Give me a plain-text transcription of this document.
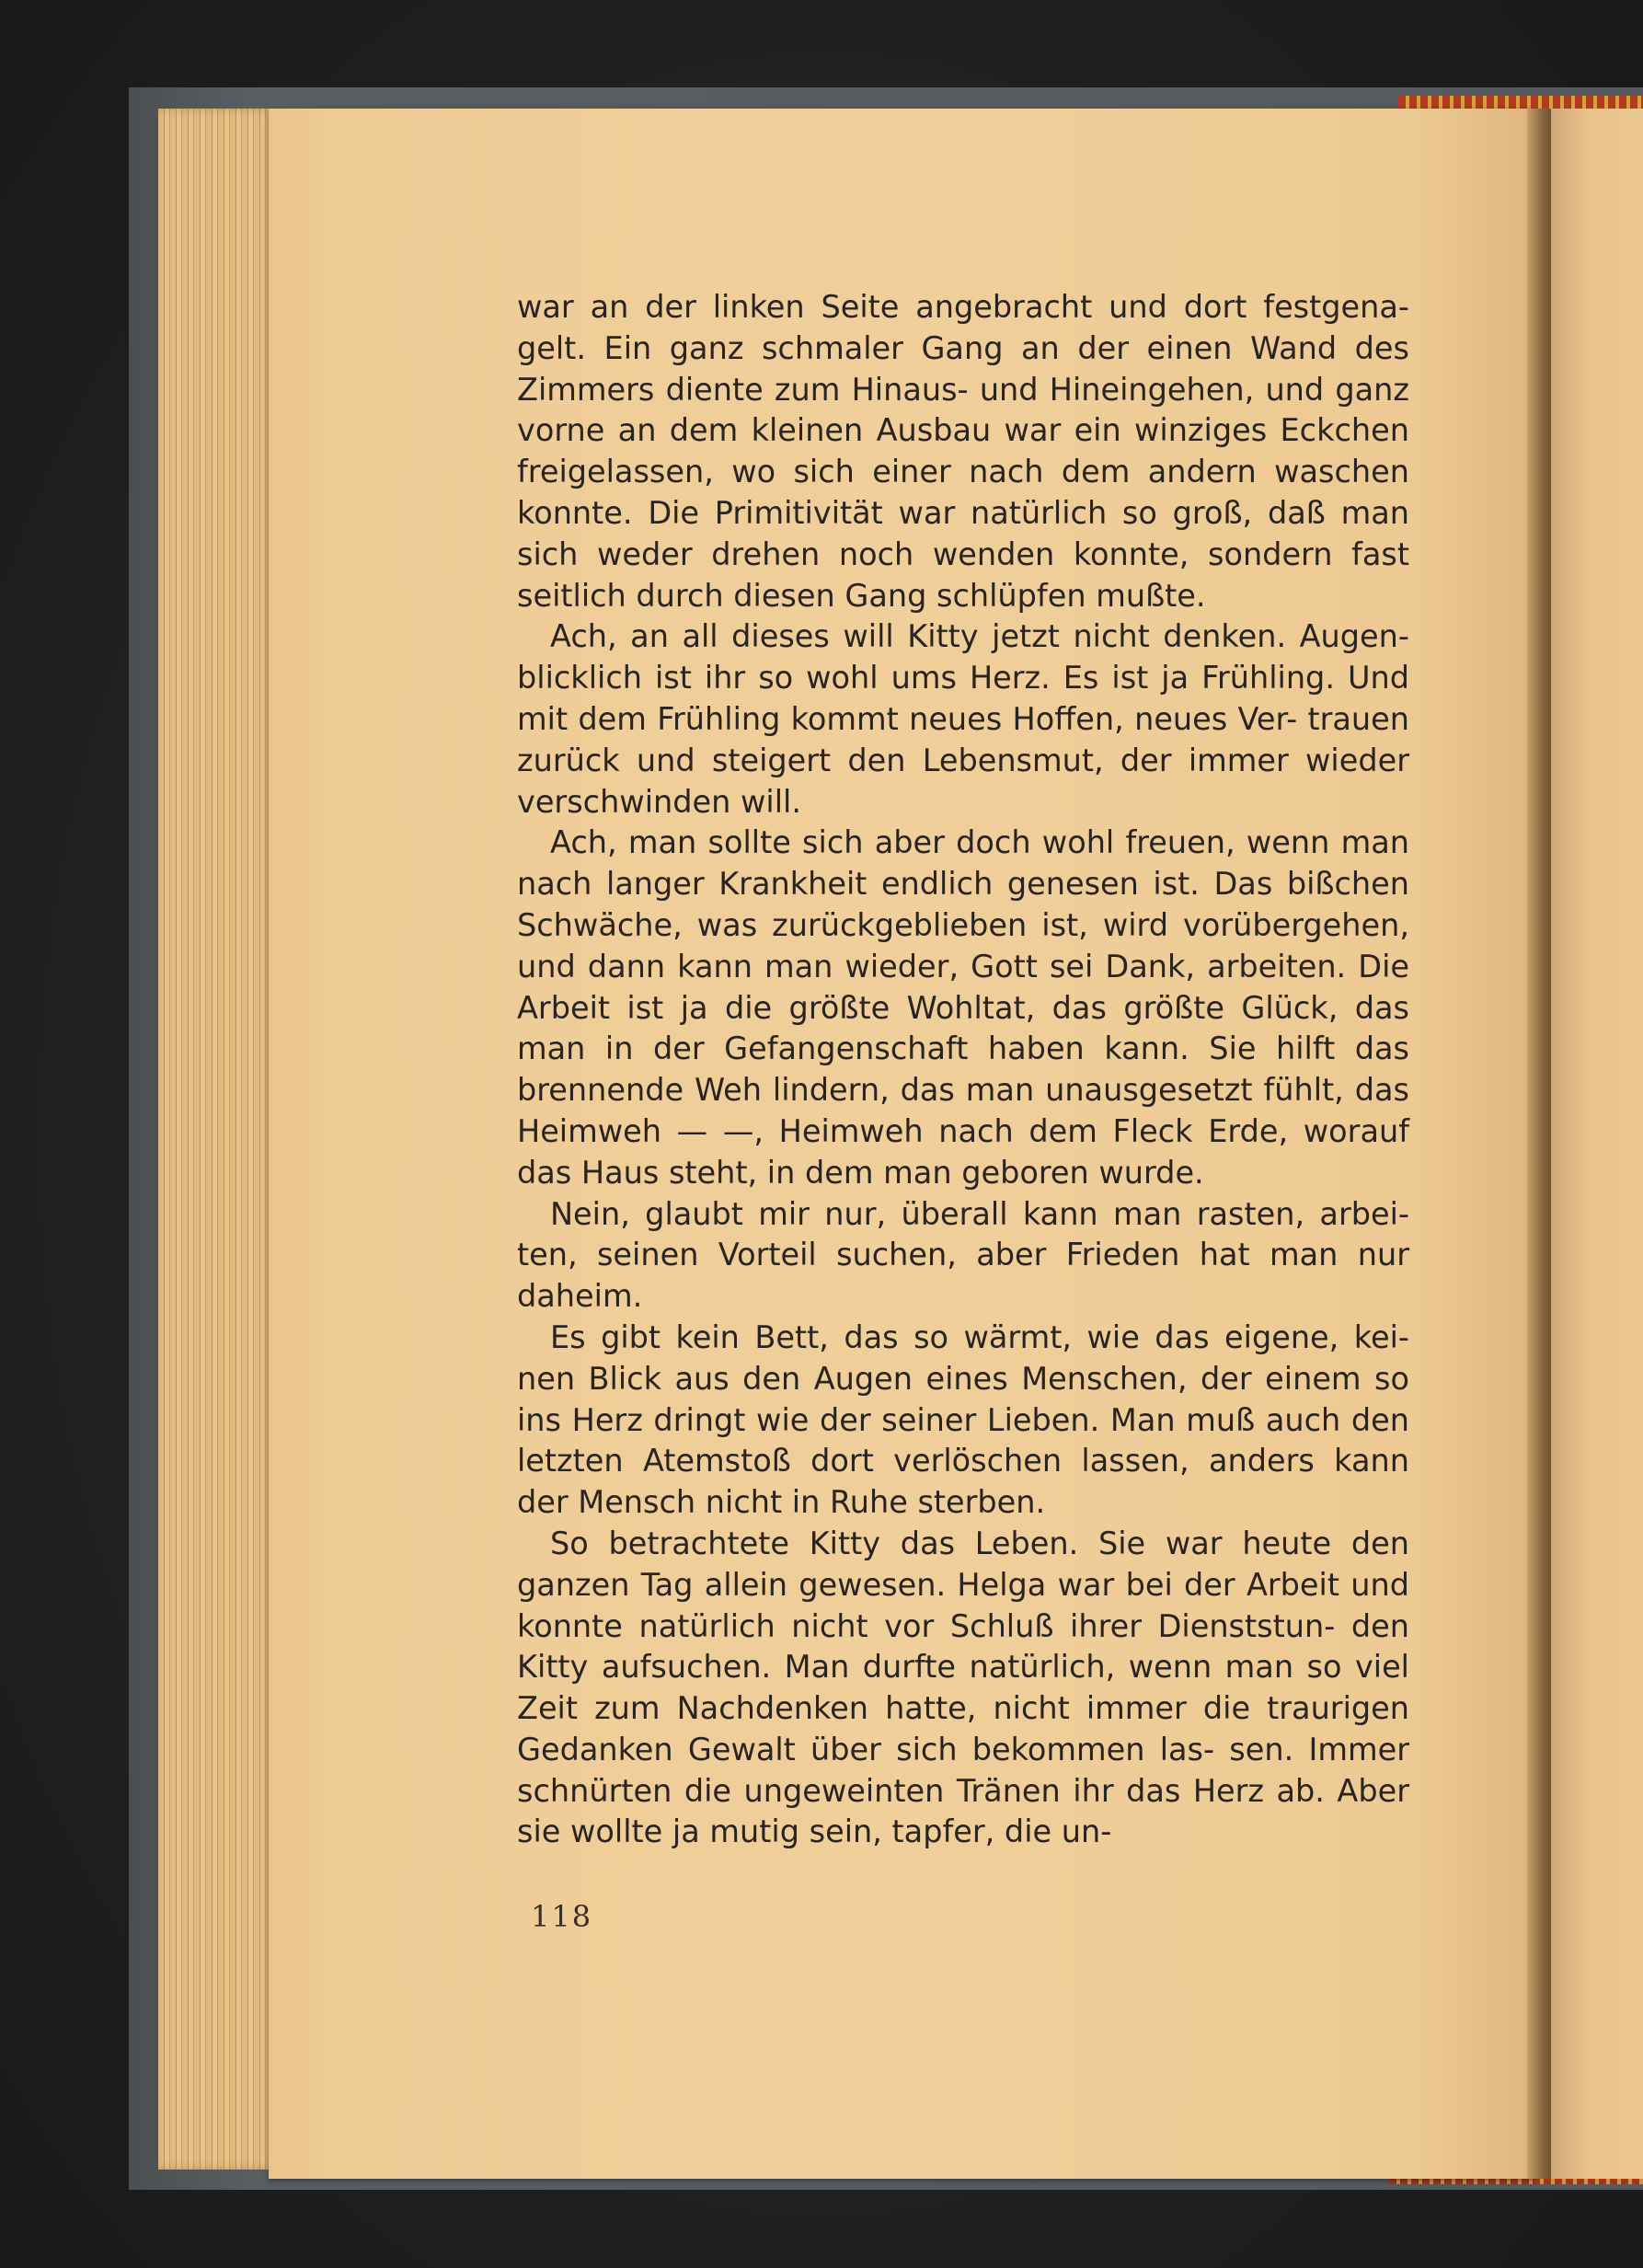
war an der linken Seite angebracht und dort festgena- gelt. Ein ganz schmaler Gang an der einen Wand des Zimmers diente zum Hinaus- und Hineingehen, und ganz vorne an dem kleinen Ausbau war ein winziges Eckchen freigelassen, wo sich einer nach dem andern waschen konnte. Die Primitivität war natürlich so groß, daß man sich weder drehen noch wenden konnte, sondern fast seitlich durch diesen Gang schlüpfen mußte.

Ach, an all dieses will Kitty jetzt nicht denken. Augen- blicklich ist ihr so wohl ums Herz. Es ist ja Frühling. Und mit dem Frühling kommt neues Hoffen, neues Ver- trauen zurück und steigert den Lebensmut, der immer wieder verschwinden will.

Ach, man sollte sich aber doch wohl freuen, wenn man nach langer Krankheit endlich genesen ist. Das bißchen Schwäche, was zurückgeblieben ist, wird vorübergehen, und dann kann man wieder, Gott sei Dank, arbeiten. Die Arbeit ist ja die größte Wohltat, das größte Glück, das man in der Gefangenschaft haben kann. Sie hilft das brennende Weh lindern, das man unausgesetzt fühlt, das Heimweh — —, Heimweh nach dem Fleck Erde, worauf das Haus steht, in dem man geboren wurde.

Nein, glaubt mir nur, überall kann man rasten, arbei- ten, seinen Vorteil suchen, aber Frieden hat man nur daheim.

Es gibt kein Bett, das so wärmt, wie das eigene, kei- nen Blick aus den Augen eines Menschen, der einem so ins Herz dringt wie der seiner Lieben. Man muß auch den letzten Atemstoß dort verlöschen lassen, anders kann der Mensch nicht in Ruhe sterben.

So betrachtete Kitty das Leben. Sie war heute den ganzen Tag allein gewesen. Helga war bei der Arbeit und konnte natürlich nicht vor Schluß ihrer Dienststun- den Kitty aufsuchen. Man durfte natürlich, wenn man so viel Zeit zum Nachdenken hatte, nicht immer die traurigen Gedanken Gewalt über sich bekommen las- sen. Immer schnürten die ungeweinten Tränen ihr das Herz ab. Aber sie wollte ja mutig sein, tapfer, die un-

118
